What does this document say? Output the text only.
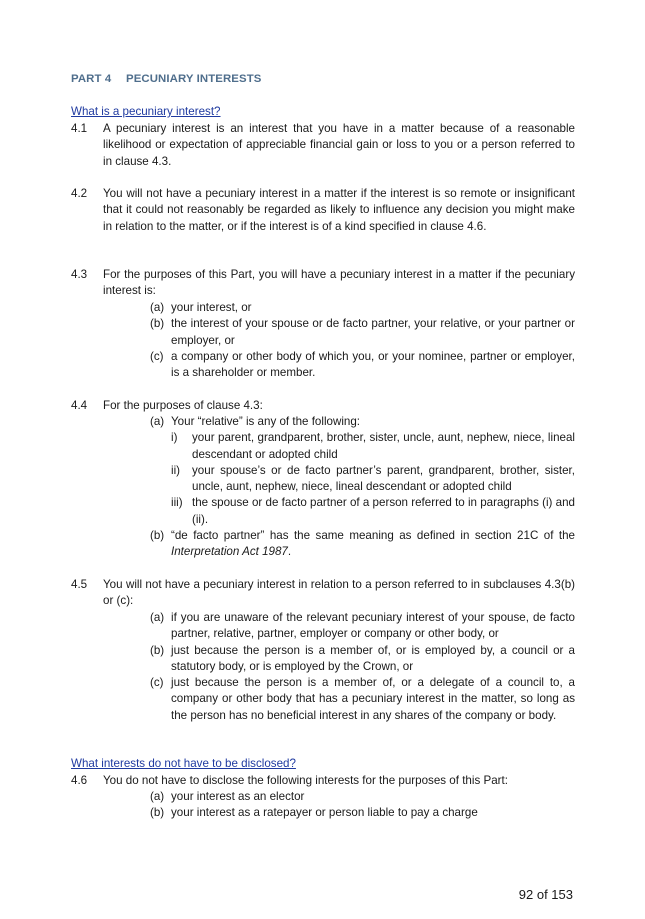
PART 4 PECUNIARY INTERESTS
What is a pecuniary interest?
4.1 A pecuniary interest is an interest that you have in a matter because of a reasonable likelihood or expectation of appreciable financial gain or loss to you or a person referred to in clause 4.3.
4.2 You will not have a pecuniary interest in a matter if the interest is so remote or insignificant that it could not reasonably be regarded as likely to influence any decision you might make in relation to the matter, or if the interest is of a kind specified in clause 4.6.
4.3 For the purposes of this Part, you will have a pecuniary interest in a matter if the pecuniary interest is:
(a) your interest, or
(b) the interest of your spouse or de facto partner, your relative, or your partner or employer, or
(c) a company or other body of which you, or your nominee, partner or employer, is a shareholder or member.
4.4 For the purposes of clause 4.3:
(a) Your “relative” is any of the following:
i) your parent, grandparent, brother, sister, uncle, aunt, nephew, niece, lineal descendant or adopted child
ii) your spouse’s or de facto partner’s parent, grandparent, brother, sister, uncle, aunt, nephew, niece, lineal descendant or adopted child
iii) the spouse or de facto partner of a person referred to in paragraphs (i) and (ii).
(b) “de facto partner” has the same meaning as defined in section 21C of the Interpretation Act 1987.
4.5 You will not have a pecuniary interest in relation to a person referred to in subclauses 4.3(b) or (c):
(a) if you are unaware of the relevant pecuniary interest of your spouse, de facto partner, relative, partner, employer or company or other body, or
(b) just because the person is a member of, or is employed by, a council or a statutory body, or is employed by the Crown, or
(c) just because the person is a member of, or a delegate of a council to, a company or other body that has a pecuniary interest in the matter, so long as the person has no beneficial interest in any shares of the company or body.
What interests do not have to be disclosed?
4.6 You do not have to disclose the following interests for the purposes of this Part:
(a) your interest as an elector
(b) your interest as a ratepayer or person liable to pay a charge
92 of 153
